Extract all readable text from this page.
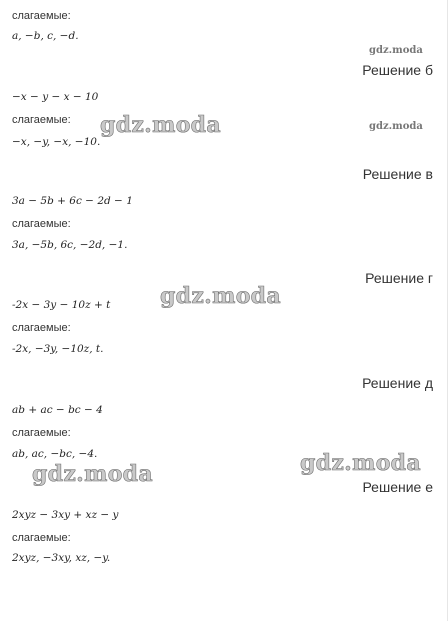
слагаемые:
a, −b, c, −d.
gdz.moda
Решение б
−x − y − x − 10
слагаемые: gdz.moda	gdz.moda
−x, −y, −x, −10.
Решение в
3a − 5b + 6c − 2d − 1
слагаемые:
3a, −5b, 6c, −2d, −1.
Решение г
gdz.moda
-2x − 3y − 10z + t
слагаемые:
-2x, −3y, −10z, t.
Решение д
ab + ac − bc − 4
слагаемые:
ab, ac, −bc, −4.
gdz.moda	gdz.moda
Решение е
2xyz − 3xy + xz − y
слагаемые:
2xyz, −3xy, xz, −y.
